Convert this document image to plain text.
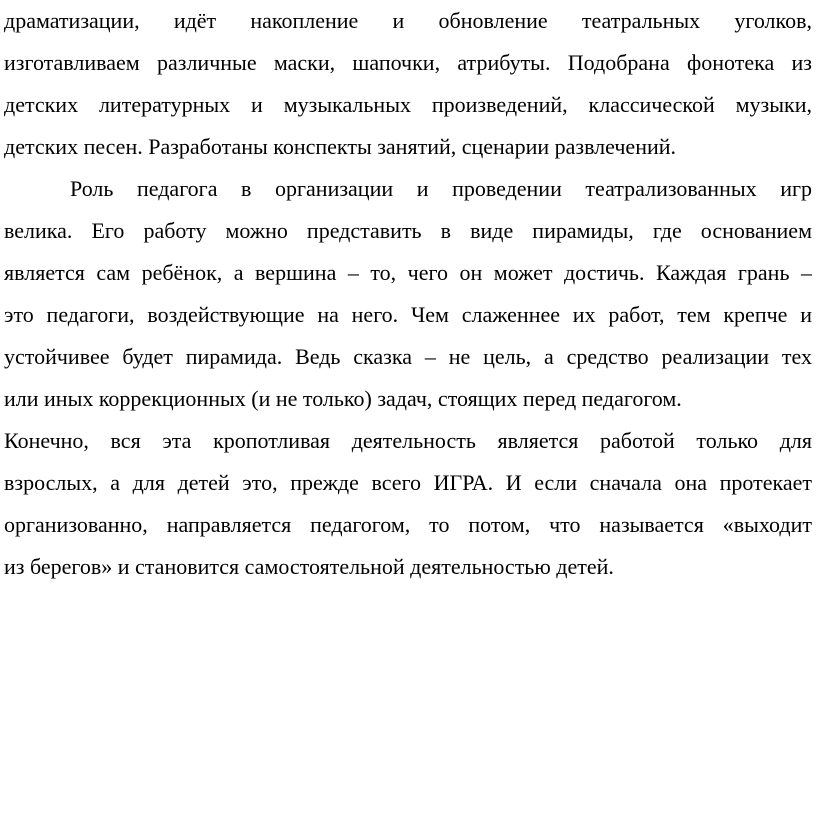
драматизации, идёт накопление и обновление театральных уголков,
изготавливаем различные маски, шапочки, атрибуты. Подобрана фонотека из
детских литературных и музыкальных произведений, классической музыки,
детских песен. Разработаны конспекты занятий, сценарии развлечений.
Роль педагога в организации и проведении театрализованных игр
велика. Его работу можно представить в виде пирамиды, где основанием
является сам ребёнок, а вершина – то, чего он может достичь. Каждая грань –
это педагоги, воздействующие на него. Чем слаженнее их работ, тем крепче и
устойчивее будет пирамида. Ведь сказка – не цель, а средство реализации тех
или иных коррекционных (и не только) задач, стоящих перед педагогом.
Конечно, вся эта кропотливая деятельность является работой только для
взрослых, а для детей это, прежде всего ИГРА. И если сначала она протекает
организованно, направляется педагогом, то потом, что называется «выходит
из берегов» и становится самостоятельной деятельностью детей.
